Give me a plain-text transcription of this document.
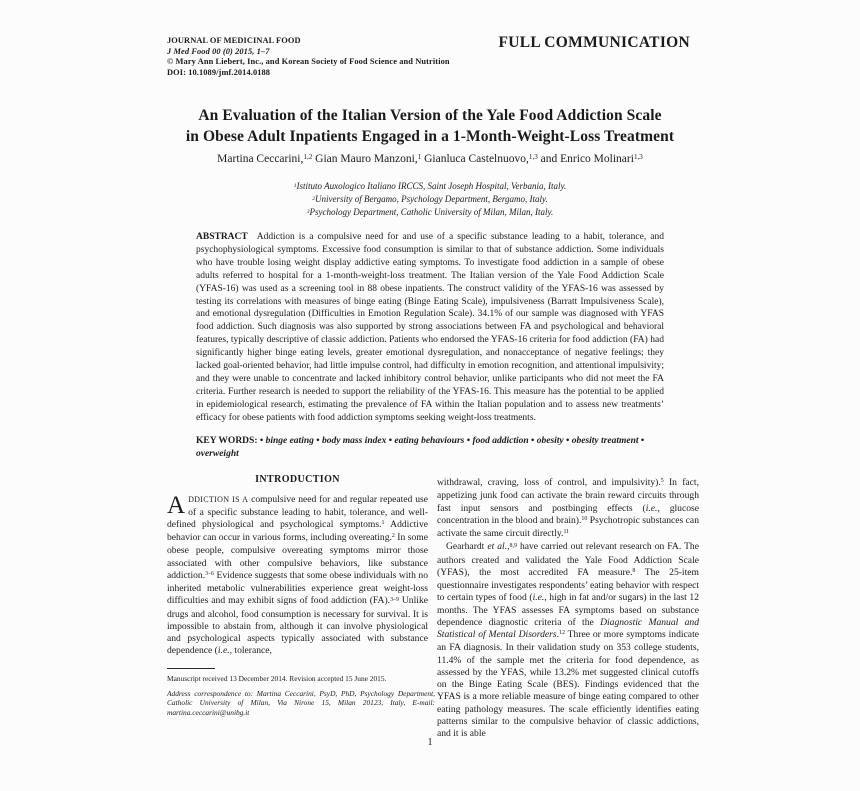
JOURNAL OF MEDICINAL FOOD
J Med Food 00 (0) 2015, 1–7
© Mary Ann Liebert, Inc., and Korean Society of Food Science and Nutrition
DOI: 10.1089/jmf.2014.0188
FULL COMMUNICATION
An Evaluation of the Italian Version of the Yale Food Addiction Scale
in Obese Adult Inpatients Engaged in a 1-Month-Weight-Loss Treatment
Martina Ceccarini,$^{1,2}$ Gian Mauro Manzoni,$^1$ Gianluca Castelnuovo,$^{1,3}$ and Enrico Molinari$^{1,3}$
$^1$Istituto Auxologico Italiano IRCCS, Saint Joseph Hospital, Verbania, Italy.
$^2$University of Bergamo, Psychology Department, Bergamo, Italy.
$^3$Psychology Department, Catholic University of Milan, Milan, Italy.
ABSTRACT Addiction is a compulsive need for and use of a specific substance leading to a habit, tolerance, and psychophysiological symptoms. Excessive food consumption is similar to that of substance addiction. Some individuals who have trouble losing weight display addictive eating symptoms. To investigate food addiction in a sample of obese adults referred to hospital for a 1-month-weight-loss treatment. The Italian version of the Yale Food Addiction Scale (YFAS-16) was used as a screening tool in 88 obese inpatients. The construct validity of the YFAS-16 was assessed by testing its correlations with measures of binge eating (Binge Eating Scale), impulsiveness (Barratt Impulsiveness Scale), and emotional dysregulation (Difficulties in Emotion Regulation Scale). 34.1% of our sample was diagnosed with YFAS food addiction. Such diagnosis was also supported by strong associations between FA and psychological and behavioral features, typically descriptive of classic addiction. Patients who endorsed the YFAS-16 criteria for food addiction (FA) had significantly higher binge eating levels, greater emotional dysregulation, and nonacceptance of negative feelings; they lacked goal-oriented behavior, had little impulse control, had difficulty in emotion recognition, and attentional impulsivity; and they were unable to concentrate and lacked inhibitory control behavior, unlike participants who did not meet the FA criteria. Further research is needed to support the reliability of the YFAS-16. This measure has the potential to be applied in epidemiological research, estimating the prevalence of FA within the Italian population and to assess new treatments’ efficacy for obese patients with food addiction symptoms seeking weight-loss treatments.
KEY WORDS: • binge eating • body mass index • eating behaviours • food addiction • obesity • obesity treatment • overweight
INTRODUCTION
ADDICTION IS A compulsive need for and regular repeated use of a specific substance leading to habit, tolerance, and well-defined physiological and psychological symptoms.$^1$ Addictive behavior can occur in various forms, including overeating.$^2$ In some obese people, compulsive overeating symptoms mirror those associated with other compulsive behaviors, like substance addiction.$^{3-6}$ Evidence suggests that some obese individuals with no inherited metabolic vulnerabilities experience great weight-loss difficulties and may exhibit signs of food addiction (FA).$^{3-9}$ Unlike drugs and alcohol, food consumption is necessary for survival. It is impossible to abstain from, although it can involve physiological and psychological aspects typically associated with substance dependence (i.e., tolerance,
withdrawal, craving, loss of control, and impulsivity).$^5$ In fact, appetizing junk food can activate the brain reward circuits through fast input sensors and postbinging effects (i.e., glucose concentration in the blood and brain).$^{10}$ Psychotropic substances can activate the same circuit directly.$^{11}$
Gearhardt et al.,$^{8,9}$ have carried out relevant research on FA. The authors created and validated the Yale Food Addiction Scale (YFAS), the most accredited FA measure.$^8$ The 25-item questionnaire investigates respondents’ eating behavior with respect to certain types of food (i.e., high in fat and/or sugars) in the last 12 months. The YFAS assesses FA symptoms based on substance dependence diagnostic criteria of the Diagnostic Manual and Statistical of Mental Disorders.$^{12}$ Three or more symptoms indicate an FA diagnosis. In their validation study on 353 college students, 11.4% of the sample met the criteria for food dependence, as assessed by the YFAS, while 13.2% met suggested clinical cutoffs on the Binge Eating Scale (BES). Findings evidenced that the YFAS is a more reliable measure of binge eating compared to other eating pathology measures. The scale efficiently identifies eating patterns similar to the compulsive behavior of classic addictions, and it is able
Manuscript received 13 December 2014. Revision accepted 15 June 2015.
Address correspondence to: Martina Ceccarini, PsyD, PhD, Psychology Department, Catholic University of Milan, Via Nirone 15, Milan 20123, Italy, E-mail: martina.ceccarini@unibg.it
1
